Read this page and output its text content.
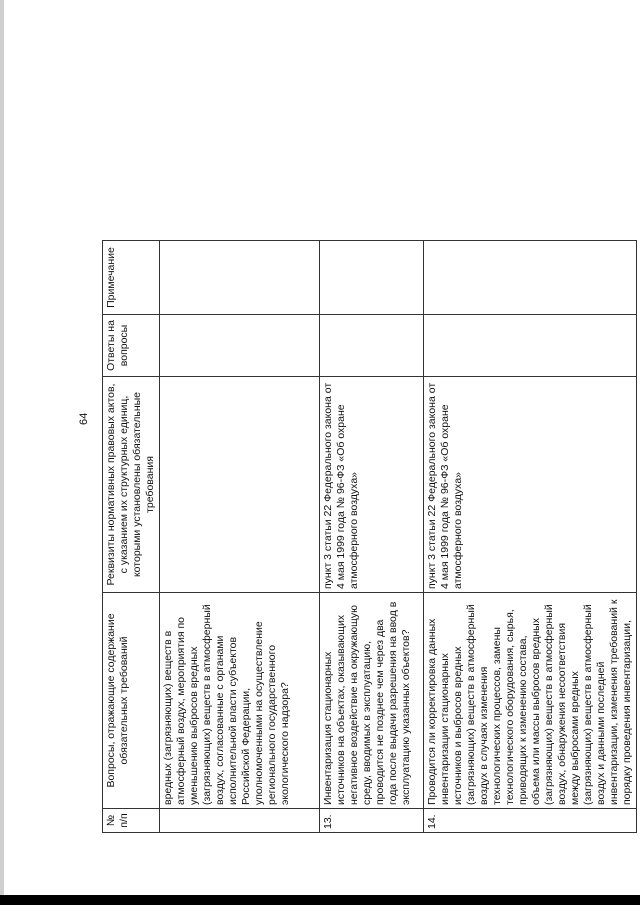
64
№ п/п	Вопросы, отражающие содержание обязательных требований	Реквизиты нормативных правовых актов, с указанием их структурных единиц, которыми установлены обязательные требования	Ответы на вопросы	Примечание
	вредных (загрязняющих) веществ в атмосферный воздух, мероприятия по уменьшению выбросов вредных (загрязняющих) веществ в атмосферный воздух, согласованные с органами исполнительной власти субъектов Российской Федерации, уполномоченными на осуществление регионального государственного экологического надзора?			
13.	Инвентаризация стационарных источников на объектах, оказывающих негативное воздействие на окружающую среду, вводимых в эксплуатацию, проводится не позднее чем через два года после выдачи разрешения на ввод в эксплуатацию указанных объектов?	пункт 3 статьи 22 Федерального закона от 4 мая 1999 года № 96-ФЗ «Об охране атмосферного воздуха»		
14.	Проводится ли корректировка данных инвентаризации стационарных источников и выбросов вредных (загрязняющих) веществ в атмосферный воздух в случаях изменения технологических процессов, замены технологического оборудования, сырья, приводящих к изменению состава, объема или массы выбросов вредных (загрязняющих) веществ в атмосферный воздух, обнаружения несоответствия между выбросами вредных (загрязняющих) веществ в атмосферный воздух и данными последней инвентаризации, изменения требований к порядку проведения инвентаризации,	пункт 3 статьи 22 Федерального закона от 4 мая 1999 года № 96-ФЗ «Об охране атмосферного воздуха»		
